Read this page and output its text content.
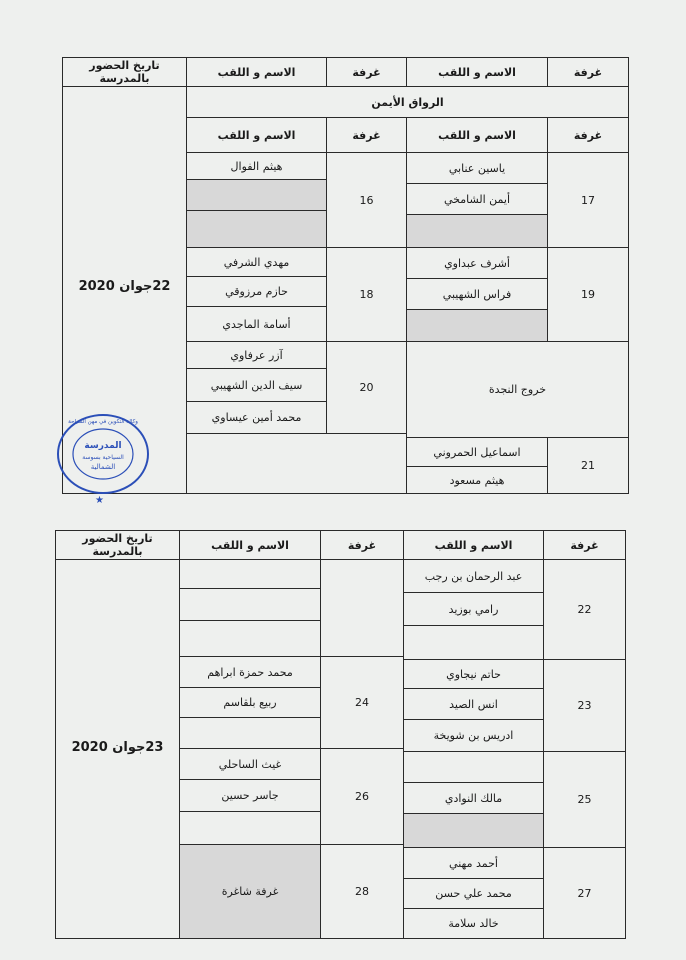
غرفة
الاسم و اللقب
غرفة
الاسم و اللقب
تاريخ الحضور بالمدرسة
22جوان 2020
الرواق الأيمن
غرفة
الاسم و اللقب
غرفة
الاسم و اللقب
17
ياسين عنابي
أيمن الشامخي
16
هيثم الفوال
19
أشرف عبداوي
فراس الشهيبي
18
مهدي الشرفي
حازم مرزوقي
أسامة الماجدي
خروج النجدة
20
آزر عرفاوي
سيف الدين الشهيبي
محمد أمين عيساوي
21
اسماعيل الحمروني
هيثم مسعود
المدرسة
السياحية بسوسة
الشمالية
وكالة التكوين في مهن السياحة
★
غرفة
الاسم و اللقب
غرفة
الاسم و اللقب
تاريخ الحضور بالمدرسة
23جوان 2020
22
عبد الرحمان بن رجب
رامي بوزيد
23
حاتم نيجاوي
انس الصيد
ادريس بن شويخة
24
محمد حمزة ابراهم
ربيع بلقاسم
25
مالك النوادي
26
غيث الساحلي
جاسر حسين
27
أحمد مهني
محمد علي حسن
خالد سلامة
28
غرفة شاغرة
